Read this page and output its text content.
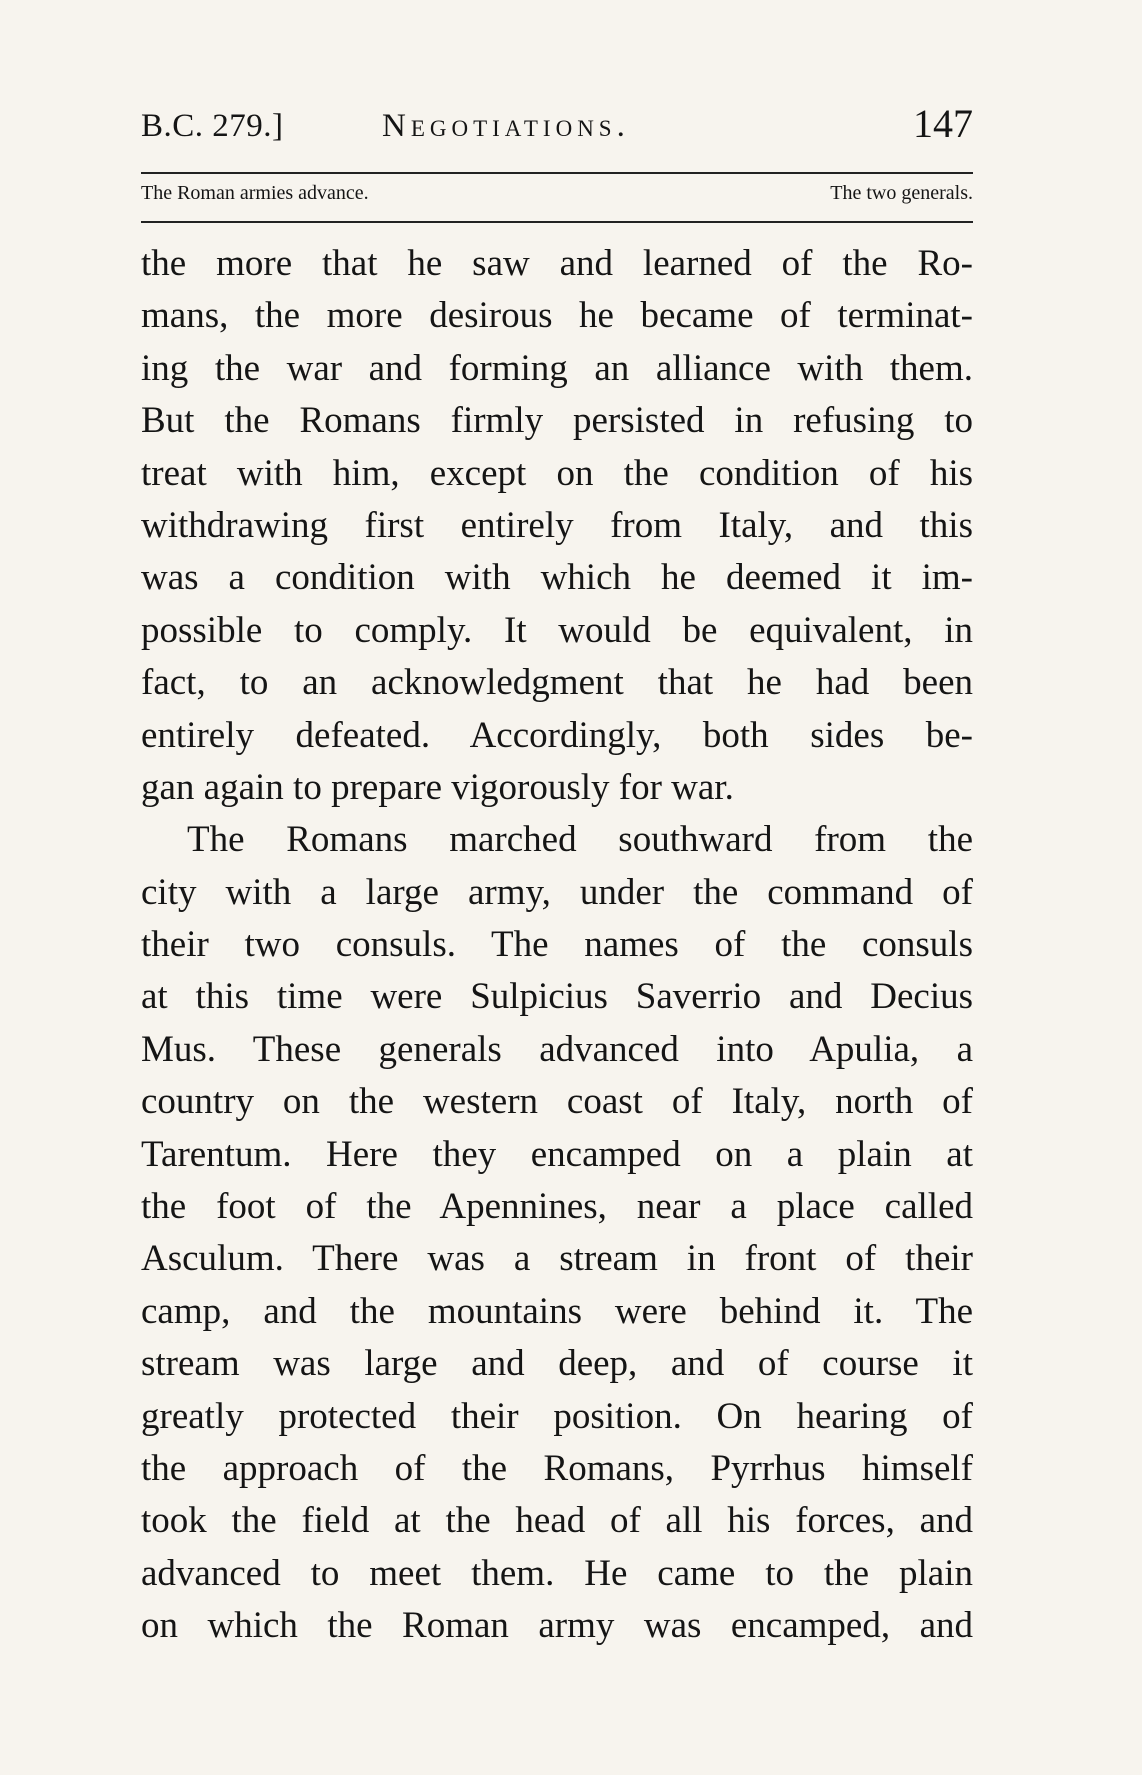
B.C. 279.]	Negotiations.	147
The Roman armies advance.	The two generals.
the more that he saw and learned of the Ro-
mans, the more desirous he became of terminat-
ing the war and forming an alliance with them.
But the Romans firmly persisted in refusing to
treat with him, except on the condition of his
withdrawing first entirely from Italy, and this
was a condition with which he deemed it im-
possible to comply. It would be equivalent, in
fact, to an acknowledgment that he had been
entirely defeated. Accordingly, both sides be-
gan again to prepare vigorously for war.
The Romans marched southward from the
city with a large army, under the command of
their two consuls. The names of the consuls
at this time were Sulpicius Saverrio and Decius
Mus. These generals advanced into Apulia, a
country on the western coast of Italy, north of
Tarentum. Here they encamped on a plain at
the foot of the Apennines, near a place called
Asculum. There was a stream in front of their
camp, and the mountains were behind it. The
stream was large and deep, and of course it
greatly protected their position. On hearing of
the approach of the Romans, Pyrrhus himself
took the field at the head of all his forces, and
advanced to meet them. He came to the plain
on which the Roman army was encamped, and
